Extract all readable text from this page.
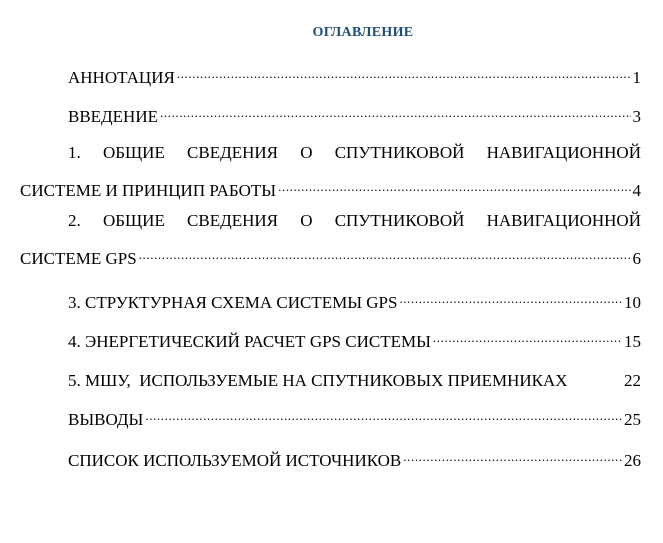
ОГЛАВЛЕНИЕ
АННОТАЦИЯ .....	1
ВВЕДЕНИЕ .....	3
1. ОБЩИЕ СВЕДЕНИЯ О СПУТНИКОВОЙ НАВИГАЦИОННОЙ
СИСТЕМЕ И ПРИНЦИП РАБОТЫ .....	4
2. ОБЩИЕ СВЕДЕНИЯ О СПУТНИКОВОЙ НАВИГАЦИОННОЙ
СИСТЕМЕ GPS .....	6
3. СТРУКТУРНАЯ СХЕМА СИСТЕМЫ GPS .....	10
4. ЭНЕРГЕТИЧЕСКИЙ РАСЧЕТ GPS СИСТЕМЫ .....	15
5. МШУ,  ИСПОЛЬЗУЕМЫЕ НА СПУТНИКОВЫХ ПРИЕМНИКАХ	22
ВЫВОДЫ .....	25
СПИСОК ИСПОЛЬЗУЕМОЙ ИСТОЧНИКОВ .....	26
